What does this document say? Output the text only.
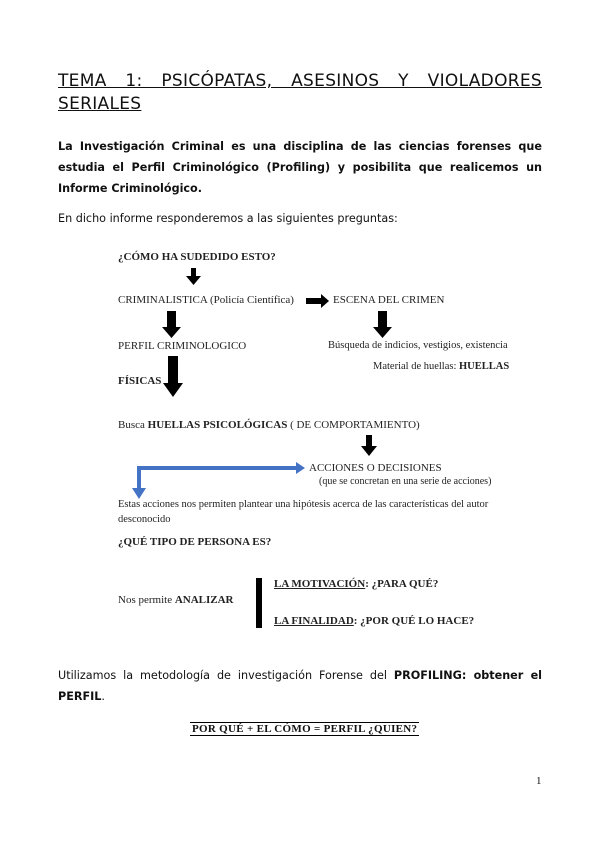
TEMA 1: PSICÓPATAS, ASESINOS Y VIOLADORES
SERIALES
La Investigación Criminal es una disciplina de las ciencias forenses que
estudia el Perfil Criminológico (Profiling) y posibilita que realicemos un
Informe Criminológico.
En dicho informe responderemos a las siguientes preguntas:
¿CÓMO HA SUDEDIDO ESTO?
CRIMINALISTICA (Policía Científica)	ESCENA DEL CRIMEN
PERFIL CRIMINOLOGICO	Búsqueda de indicios, vestigios, existencia
Material de huellas: HUELLAS
FÍSICAS
Busca HUELLAS PSICOLÓGICAS ( DE COMPORTAMIENTO)
ACCIONES O DECISIONES
(que se concretan en una serie de acciones)
Estas acciones nos permiten plantear una hipótesis acerca de las características del autor
desconocido
¿QUÉ TIPO DE PERSONA ES?
Nos permite ANALIZAR
LA MOTIVACIÓN: ¿PARA QUÉ?
LA FINALIDAD: ¿POR QUÉ LO HACE?
Utilizamos la metodología de investigación Forense del PROFILING: obtener el
PERFIL.
POR QUÉ + EL CÓMO = PERFIL ¿QUIEN?
1
